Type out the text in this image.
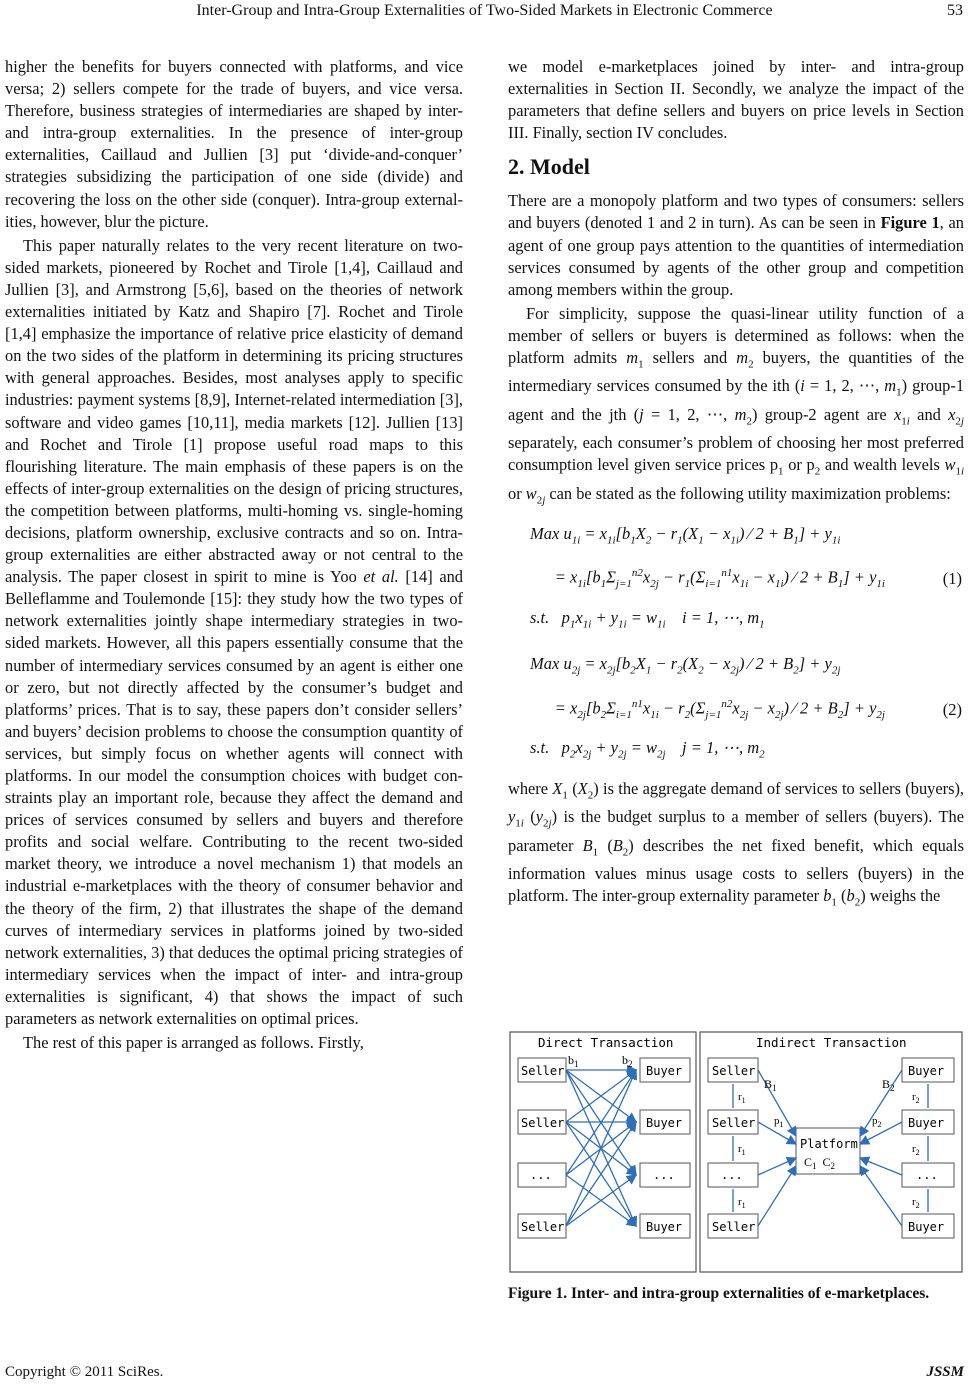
Inter-Group and Intra-Group Externalities of Two-Sided Markets in Electronic Commerce	53

higher the benefits for buyers connected with platforms, and vice versa; 2) sellers compete for the trade of buyers, and vice versa. Therefore, business strategies of intermediaries are shaped by inter- and intra-group externalities. In the presence of inter-group externalities, Caillaud and Jullien [3] put ‘divide-and-conquer’ strategies subsidizing the participation of one side (divide) and recovering the loss on the other side (conquer). Intra-group externalities, however, blur the picture.

This paper naturally relates to the very recent literature on two-sided markets, pioneered by Rochet and Tirole [1,4], Caillaud and Jullien [3], and Armstrong [5,6], based on the theories of network externalities initiated by Katz and Shapiro [7]. Rochet and Tirole [1,4] emphasize the importance of relative price elasticity of demand on the two sides of the platform in determining its pricing structures with general approaches. Besides, most analyses apply to specific industries: payment systems [8,9], Internet-related intermediation [3], software and video games [10,11], media markets [12]. Jullien [13] and Rochet and Tirole [1] propose useful road maps to this flourishing literature. The main emphasis of these papers is on the effects of inter-group externalities on the design of pricing structures, the competition between platforms, multi-homing vs. single-homing decisions, platform ownership, exclusive contracts and so on. Intra-group externalities are either abstracted away or not central to the analysis. The paper closest in spirit to mine is Yoo et al. [14] and Belleflamme and Toulemonde [15]: they study how the two types of network externalities jointly shape intermediary strategies in two-sided markets. However, all this papers essentially consume that the number of intermediary services consumed by an agent is either one or zero, but not directly affected by the consumer’s budget and platforms’ prices. That is to say, these papers don’t consider sellers’ and buyers’ decision problems to choose the consumption quantity of services, but simply focus on whether agents will connect with platforms. In our model the consumption choices with budget constraints play an important role, because they affect the demand and prices of services consumed by sellers and buyers and therefore profits and social welfare. Contributing to the recent two-sided market theory, we introduce a novel mechanism 1) that models an industrial e-marketplaces with the theory of consumer behavior and the theory of the firm, 2) that illustrates the shape of the demand curves of intermediary services in platforms joined by two-sided network externalities, 3) that deduces the optimal pricing strategies of intermediary services when the impact of inter- and intra-group externalities is significant, 4) that shows the impact of such parameters as network externalities on optimal prices.

The rest of this paper is arranged as follows. Firstly,

we model e-marketplaces joined by inter- and intra-group externalities in Section II. Secondly, we analyze the impact of the parameters that define sellers and buyers on price levels in Section III. Finally, section IV concludes.

2. Model

There are a monopoly platform and two types of consumers: sellers and buyers (denoted 1 and 2 in turn). As can be seen in Figure 1, an agent of one group pays attention to the quantities of intermediation services consumed by agents of the other group and competition among members within the group.

For simplicity, suppose the quasi-linear utility function of a member of sellers or buyers is determined as follows: when the platform admits $m_1$ sellers and $m_2$ buyers, the quantities of the intermediary services consumed by the ith (i = 1, 2, ⋯, $m_1$) group-1 agent and the jth (j = 1, 2, ⋯, $m_2$) group-2 agent are $x_{1i}$ and $x_{2j}$ separately, each consumer’s problem of choosing her most preferred consumption level given service prices $p_1$ or $p_2$ and wealth levels $w_{1i}$ or $w_{2j}$ can be stated as the following utility maximization problems:

Max $u_{1i} = x_{1i}[b_1X_2 - r_1(X_1 - x_{1i})$ ⁄ $2 + B_1] + y_{1i}$
= $x_{1i}[b_1\Sigma_{j=1}^{n2}x_{2j} - r_1(\Sigma_{i=1}^{n1}x_{1i} - x_{1i})$ ⁄ $2 + B_1] + y_{1i}$
s.t.   $p_1x_{1i} + y_{1i} = w_{1i}$    i = 1, ⋯, $m_1$
(1)
Max $u_{2j} = x_{2j}[b_2X_1 - r_2(X_2 - x_{2j})$ ⁄ $2 + B_2] + y_{2j}$
= $x_{2j}[b_2\Sigma_{i=1}^{n1}x_{1i} - r_2(\Sigma_{j=1}^{n2}x_{2j} - x_{2j})$ ⁄ $2 + B_2] + y_{2j}$
s.t.   $p_2x_{2j} + y_{2j} = w_{2j}$    j = 1, ⋯, $m_2$
(2)

where $X_1$ $(X_2)$ is the aggregate demand of services to sellers (buyers), $y_{1i}$ $(y_{2j})$ is the budget surplus to a member of sellers (buyers). The parameter $B_1$ $(B_2)$ describes the net fixed benefit, which equals information values minus usage costs to sellers (buyers) in the platform. The inter-group externality parameter $b_1$ $(b_2)$ weighs the

Direct Transaction	Indirect Transaction
$b_1$	$b_2$
Seller
Seller
...
Seller
Buyer
Buyer
...
Buyer
Seller
Seller
...
Seller
$r_1$
$r_1$
$r_1$
Platform
$C_1$  $C_2$
Buyer
Buyer
...
Buyer
$r_2$
$r_2$
$r_2$
$B_1$	$B_2$
$p_1$	$p_2$
Figure 1. Inter- and intra-group externalities of e-marketplaces.
Copyright © 2011 SciRes.	JSSM
